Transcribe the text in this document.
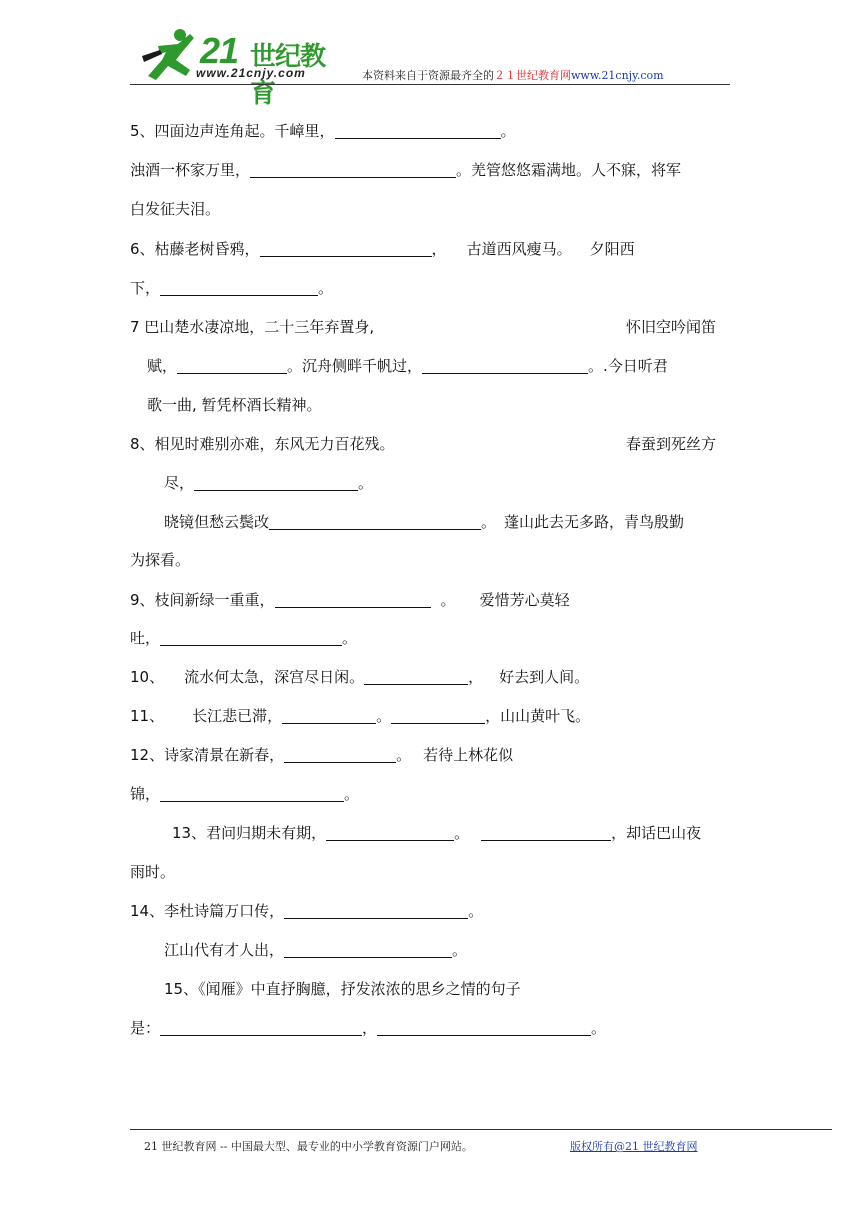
21 世纪教育
www.21cnjy.com	本资料来自于资源最齐全的２１世纪教育网www.21cnjy.com
5、四面边声连角起。千嶂里，	。
浊酒一杯家万里，	。羌管悠悠霜满地。人不寐，将军
白发征夫泪。
6、枯藤老树昏鸦，	， 古道西风瘦马。 夕阳西
下，	。
7 巴山楚水凄凉地，二十三年弃置身,	怀旧空吟闻笛
赋，	。沉舟侧畔千帆过，	。.今日听君
歌一曲, 暂凭杯酒长精神。
8、相见时难别亦难，东风无力百花残。	春蚕到死丝方
尽，	。
晓镜但愁云鬓改	。 蓬山此去无多路，青鸟殷勤
为探看。
9、枝间新绿一重重，	。 爱惜芳心莫轻
吐，	。
10、 流水何太急，深宫尽日闲。	， 好去到人间。
11、 长江悲已滞，	。	，山山黄叶飞。
12、诗家清景在新春，	。 若待上林花似
锦，	。
13、君问归期未有期，	。	，却话巴山夜
雨时。
14、李杜诗篇万口传，	。
江山代有才人出，	。
15、《闻雁》中直抒胸臆，抒发浓浓的思乡之情的句子
是：	，	。
21 世纪教育网 -- 中国最大型、最专业的中小学教育资源门户网站。	版权所有@21 世纪教育网
